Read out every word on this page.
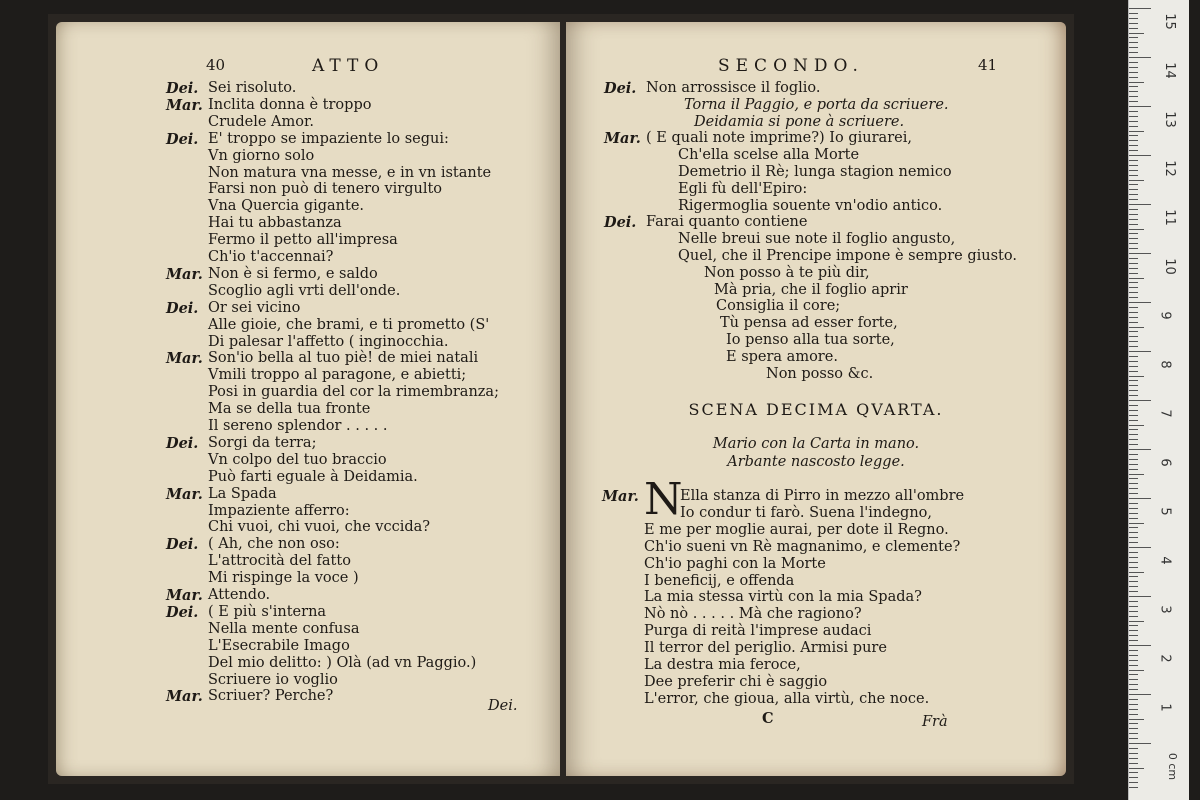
40	ATTO
Dei. Sei risoluto.
Mar. Inclita donna è troppo
Crudele Amor.
Dei. E' troppo se impaziente lo segui:
Vn giorno solo
Non matura vna messe, e in vn istante
Farsi non può di tenero virgulto
Vna Quercia gigante.
Hai tu abbastanza
Fermo il petto all'impresa
Ch'io t'accennai?
Mar. Non è si fermo, e saldo
Scoglio agli vrti dell'onde.
Dei. Or sei vicino
Alle gioie, che brami, e ti prometto (S'
Di palesar l'affetto ( inginocchia.
Mar. Son'io bella al tuo piè! de miei natali
Vmili troppo al paragone, e abietti;
Posi in guardia del cor la rimembranza;
Ma se della tua fronte
Il sereno splendor . . . . .
Dei. Sorgi da terra;
Vn colpo del tuo braccio
Può farti eguale à Deidamia.
Mar. La Spada
Impaziente afferro:
Chi vuoi, chi vuoi, che vccida?
Dei. ( Ah, che non oso:
L'attrocità del fatto
Mi rispinge la voce )
Mar. Attendo.
Dei. ( E più s'interna
Nella mente confusa
L'Esecrabile Imago
Del mio delitto: ) Olà (ad vn Paggio.)
Scriuere io voglio
Mar. Scriuer? Perche?
Dei.
SECONDO.	41
Dei. Non arrossisce il foglio.
Torna il Paggio, e porta da scriuere.
Deidamia si pone à scriuere.
Mar. ( E quali note imprime?) Io giurarei,
Ch'ella scelse alla Morte
Demetrio il Rè; lunga stagion nemico
Egli fù dell'Epiro:
Rigermoglia souente vn'odio antico.
Dei. Farai quanto contiene
Nelle breui sue note il foglio angusto,
Quel, che il Prencipe impone è sempre giusto.
Non posso à te più dir,
Mà pria, che il foglio aprir
Consiglia il core;
Tù pensa ad esser forte,
Io penso alla tua sorte,
E spera amore.
Non posso &c.
SCENA DECIMA QVARTA.
Mario con la Carta in mano.
Arbante nascosto legge.
N
Mar.	Ella stanza di Pirro in mezzo all'ombre
Io condur ti farò. Suena l'indegno,
E me per moglie aurai, per dote il Regno.
Ch'io sueni vn Rè magnanimo, e clemente?
Ch'io paghi con la Morte
I beneficij, e offenda
La mia stessa virtù con la mia Spada?
Nò nò . . . . . Mà che ragiono?
Purga di reità l'imprese audaci
Il terror del periglio. Armisi pure
La destra mia feroce,
Dee preferir chi è saggio
L'error, che gioua, alla virtù, che noce.
C	Frà
0 cm
15
14
13
12
11
10
9
8
7
6
5
4
3
2
1
